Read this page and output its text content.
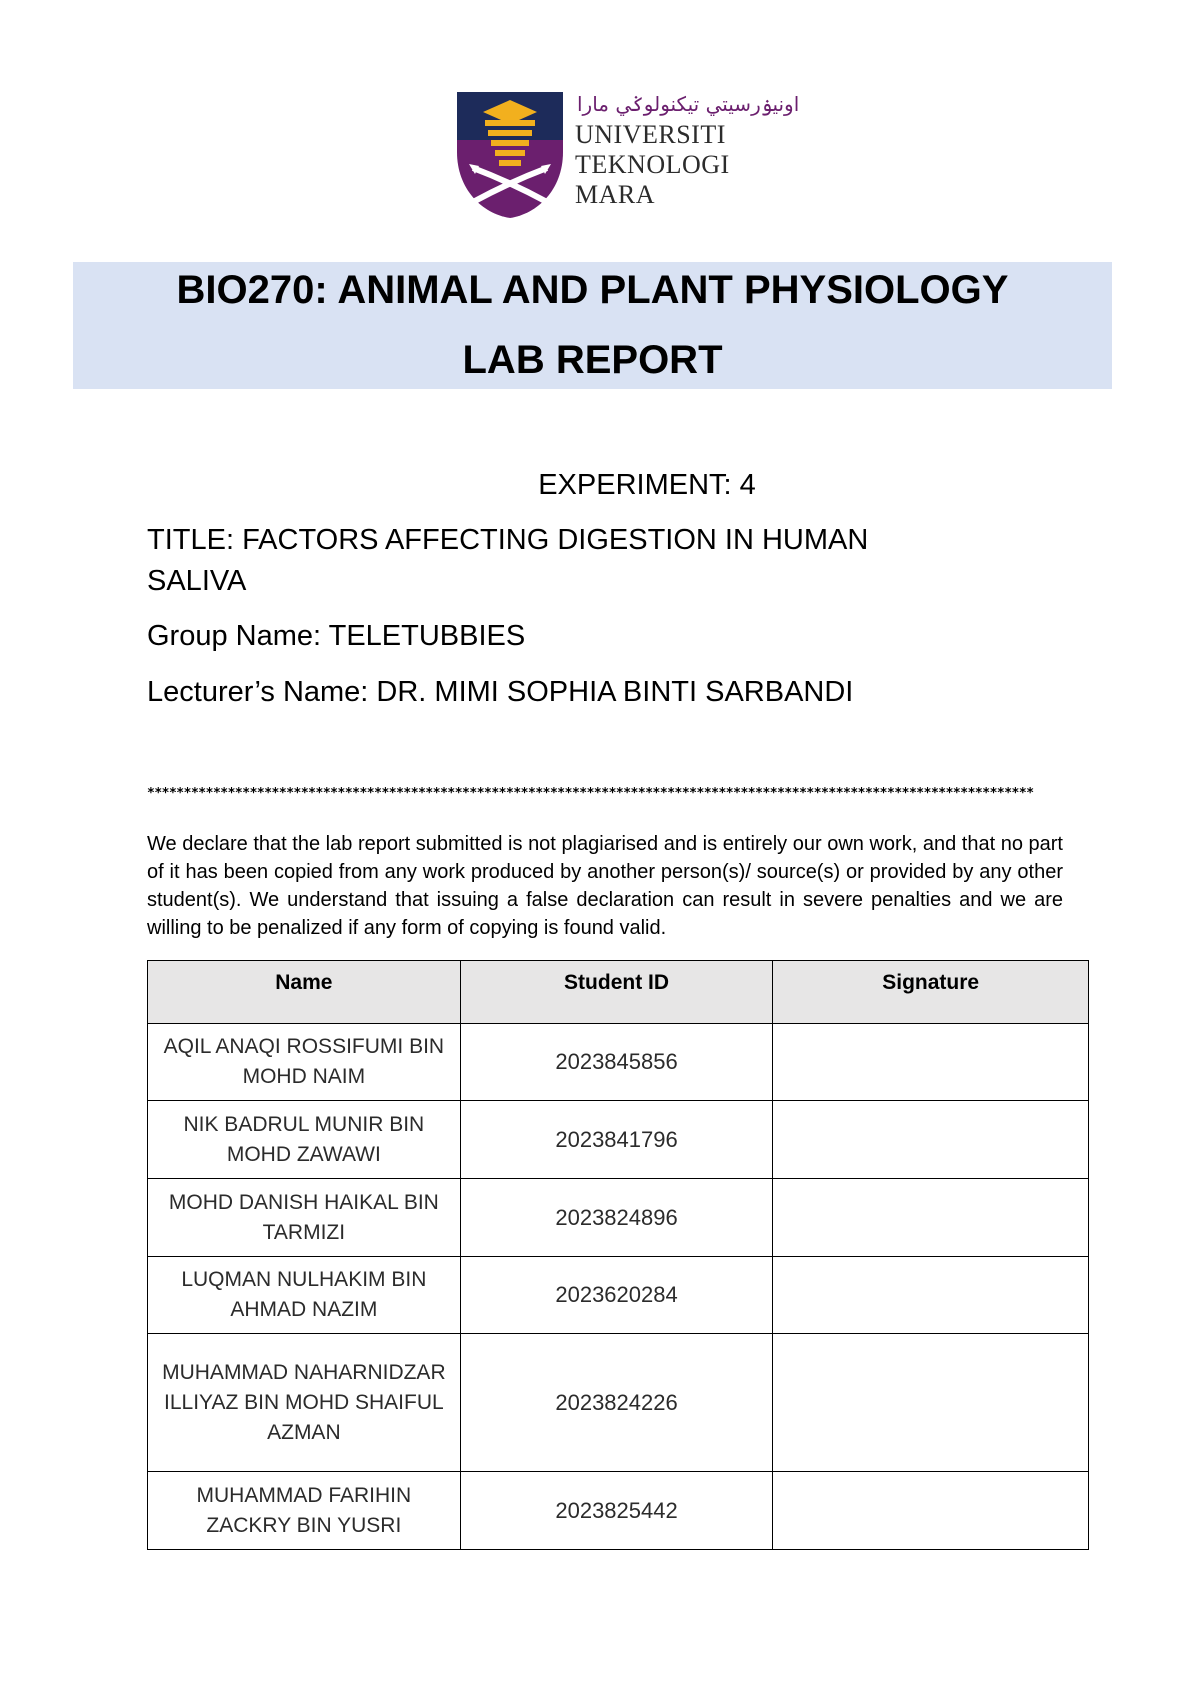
اونيۏرسيتي تيکنولوݢي مارا
UNIVERSITI
TEKNOLOGI
MARA
BIO270: ANIMAL AND PLANT PHYSIOLOGY
LAB REPORT
EXPERIMENT: 4
TITLE: FACTORS AFFECTING DIGESTION IN HUMAN
SALIVA
Group Name: TELETUBBIES
Lecturer’s Name: DR. MIMI SOPHIA BINTI SARBANDI
*************************************************************************************************************************
We declare that the lab report submitted is not plagiarised and is entirely our own work, and that no part of it has been copied from any work produced by another person(s)/ source(s) or provided by any other student(s). We understand that issuing a false declaration can result in severe penalties and we are willing to be penalized if any form of copying is found valid.
Name	Student ID	Signature
AQIL ANAQI ROSSIFUMI BIN MOHD NAIM	2023845856	
NIK BADRUL MUNIR BIN MOHD ZAWAWI	2023841796	
MOHD DANISH HAIKAL BIN TARMIZI	2023824896	
LUQMAN NULHAKIM BIN AHMAD NAZIM	2023620284	
MUHAMMAD NAHARNIDZAR ILLIYAZ BIN MOHD SHAIFUL AZMAN	2023824226	
MUHAMMAD FARIHIN ZACKRY BIN YUSRI	2023825442	
